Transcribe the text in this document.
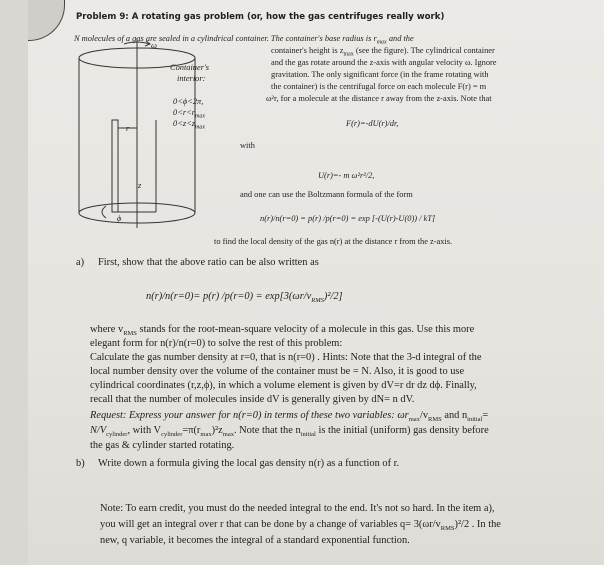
Problem 9: A rotating gas problem (or, how the gas centrifuges really work)
N molecules of a gas are sealed in a cylindrical container. The container's base radius is $r_{max}$ and the
container's height is $z_{max}$ (see the figure). The cylindrical container
and the gas rotate around the z-axis with angular velocity ω. Ignore
gravitation. The only significant force (in the frame rotating with
the container) is the centrifugal force on each molecule F(r) = m
ω²r, for a molecule at the distance r away from the z-axis. Note that
F(r)=-dU(r)/dr,
with
U(r)=- m ω²r²/2,
and one can use the Boltzmann formula of the form
n(r)/n(r=0) = p(r) /p(r=0) = exp [-(U(r)-U(0)) / kT]
to find the local density of the gas n(r) at the distance r from the z-axis.
ω
Container's
interior:
0<ϕ<2π,
$0<r<r_{max}$
$0<z<z_{max}$
r
z
ϕ
a) First, show that the above ratio can be also written as
n(r)/n(r=0)= p(r) $/p(r=0) = \exp[3(\omega r/v_{RMS})^2/2]$
where $v_{RMS}$ stands for the root-mean-square velocity of a molecule in this gas. Use this more
elegant form for n(r)/n(r=0) to solve the rest of this problem:
Calculate the gas number density at r=0, that is n(r=0) . Hints: Note that the 3-d integral of the
local number density over the volume of the container must be = N. Also, it is good to use
cylindrical coordinates (r,z,ϕ), in which a volume element is given by dV=r dr dz dϕ. Finally,
recall that the number of molecules inside dV is generally given by dN= n dV.
Request: Express your answer for n(r=0) in terms of these two variables: $\omega r_{max}/v_{RMS}$ and $n_{initial}=$
$N/V_{cylinder}$, with $V_{cylinder}=\pi(r_{max})^2z_{max}$. Note that the $n_{initial}$ is the initial (uniform) gas density before
the gas & cylinder started rotating.
b) Write down a formula giving the local gas density n(r) as a function of r.
Note: To earn credit, you must do the needed integral to the end. It's not so hard. In the item a),
you will get an integral over r that can be done by a change of variables $q= 3(\omega r/v_{RMS})^2/2$ . In the
new, q variable, it becomes the integral of a standard exponential function.
